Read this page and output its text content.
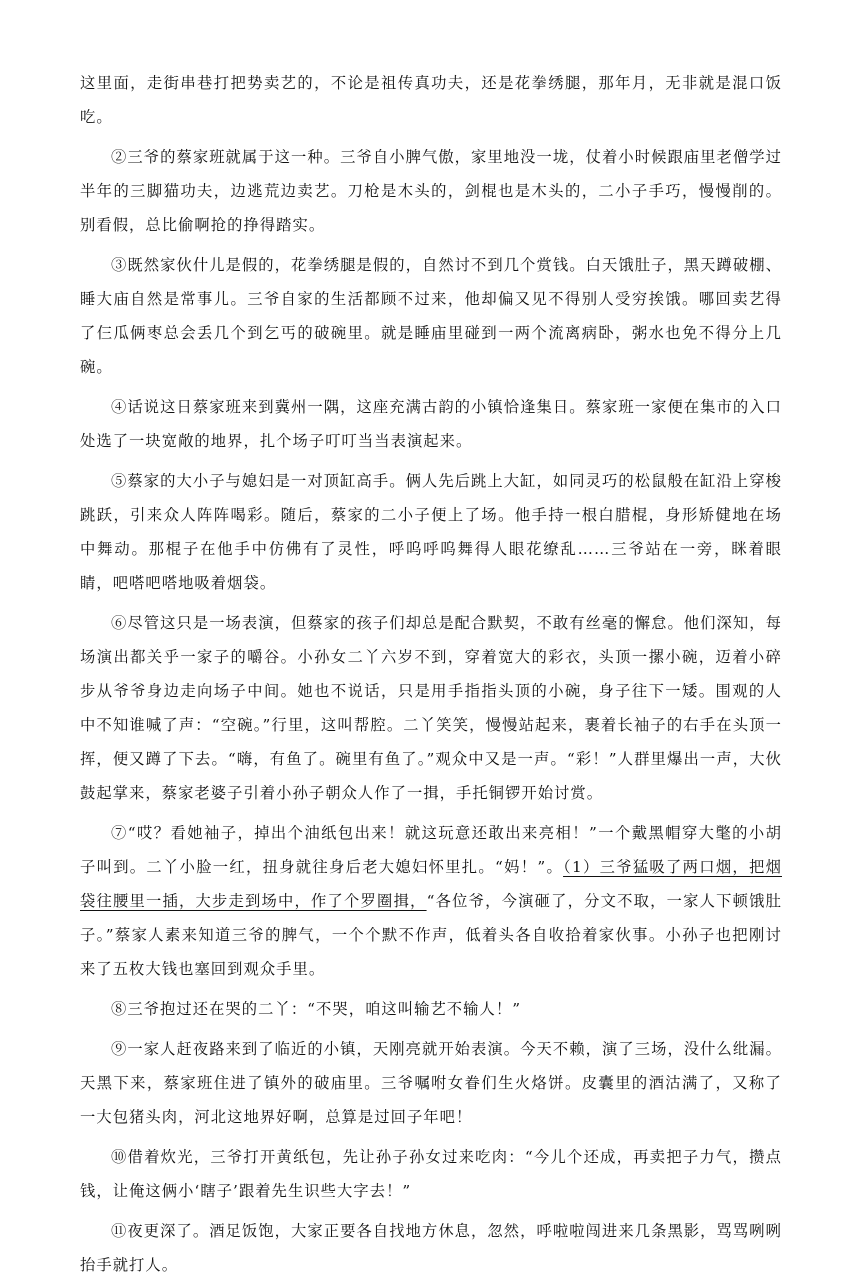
这里面，走街串巷打把势卖艺的，不论是祖传真功夫，还是花拳绣腿，那年月，无非就是混口饭吃。

②三爷的蔡家班就属于这一种。三爷自小脾气傲，家里地没一垅，仗着小时候跟庙里老僧学过半年的三脚猫功夫，边逃荒边卖艺。刀枪是木头的，剑棍也是木头的，二小子手巧，慢慢削的。别看假，总比偷啊抢的挣得踏实。

③既然家伙什儿是假的，花拳绣腿是假的，自然讨不到几个赏钱。白天饿肚子，黑天蹲破棚、睡大庙自然是常事儿。三爷自家的生活都顾不过来，他却偏又见不得别人受穷挨饿。哪回卖艺得了仨瓜俩枣总会丢几个到乞丐的破碗里。就是睡庙里碰到一两个流离病卧，粥水也免不得分上几碗。

④话说这日蔡家班来到冀州一隅，这座充满古韵的小镇恰逢集日。蔡家班一家便在集市的入口处选了一块宽敞的地界，扎个场子叮叮当当表演起来。

⑤蔡家的大小子与媳妇是一对顶缸高手。俩人先后跳上大缸，如同灵巧的松鼠般在缸沿上穿梭跳跃，引来众人阵阵喝彩。随后，蔡家的二小子便上了场。他手持一根白腊棍，身形矫健地在场中舞动。那棍子在他手中仿佛有了灵性，呼呜呼呜舞得人眼花缭乱……三爷站在一旁，眯着眼睛，吧嗒吧嗒地吸着烟袋。

⑥尽管这只是一场表演，但蔡家的孩子们却总是配合默契，不敢有丝毫的懈怠。他们深知，每场演出都关乎一家子的嚼谷。小孙女二丫六岁不到，穿着宽大的彩衣，头顶一摞小碗，迈着小碎步从爷爷身边走向场子中间。她也不说话，只是用手指指头顶的小碗，身子往下一矮。围观的人中不知谁喊了声：“空碗。”行里，这叫帮腔。二丫笑笑，慢慢站起来，裹着长袖子的右手在头顶一挥，便又蹲了下去。“嗨，有鱼了。碗里有鱼了。”观众中又是一声。“彩！”人群里爆出一声，大伙鼓起掌来，蔡家老婆子引着小孙子朝众人作了一揖，手托铜锣开始讨赏。

⑦“哎？看她袖子，掉出个油纸包出来！就这玩意还敢出来亮相！”一个戴黑帽穿大氅的小胡子叫到。二丫小脸一红，扭身就往身后老大媳妇怀里扎。“妈！”。（1）三爷猛吸了两口烟，把烟袋往腰里一插，大步走到场中，作了个罗圈揖，“各位爷，今演砸了，分文不取，一家人下顿饿肚子。”蔡家人素来知道三爷的脾气，一个个默不作声，低着头各自收拾着家伙事。小孙子也把刚讨来了五枚大钱也塞回到观众手里。

⑧三爷抱过还在哭的二丫：“不哭，咱这叫输艺不输人！”

⑨一家人赶夜路来到了临近的小镇，天刚亮就开始表演。今天不赖，演了三场，没什么纰漏。天黑下来，蔡家班住进了镇外的破庙里。三爷嘱咐女眷们生火烙饼。皮囊里的酒沽满了，又称了一大包猪头肉，河北这地界好啊，总算是过回子年吧！

⑩借着炊光，三爷打开黄纸包，先让孙子孙女过来吃肉：“今儿个还成，再卖把子力气，攒点钱，让俺这俩小‘瞎子’跟着先生识些大字去！”

⑪夜更深了。酒足饭饱，大家正要各自找地方休息，忽然，呼啦啦闯进来几条黑影，骂骂咧咧抬手就打人。
